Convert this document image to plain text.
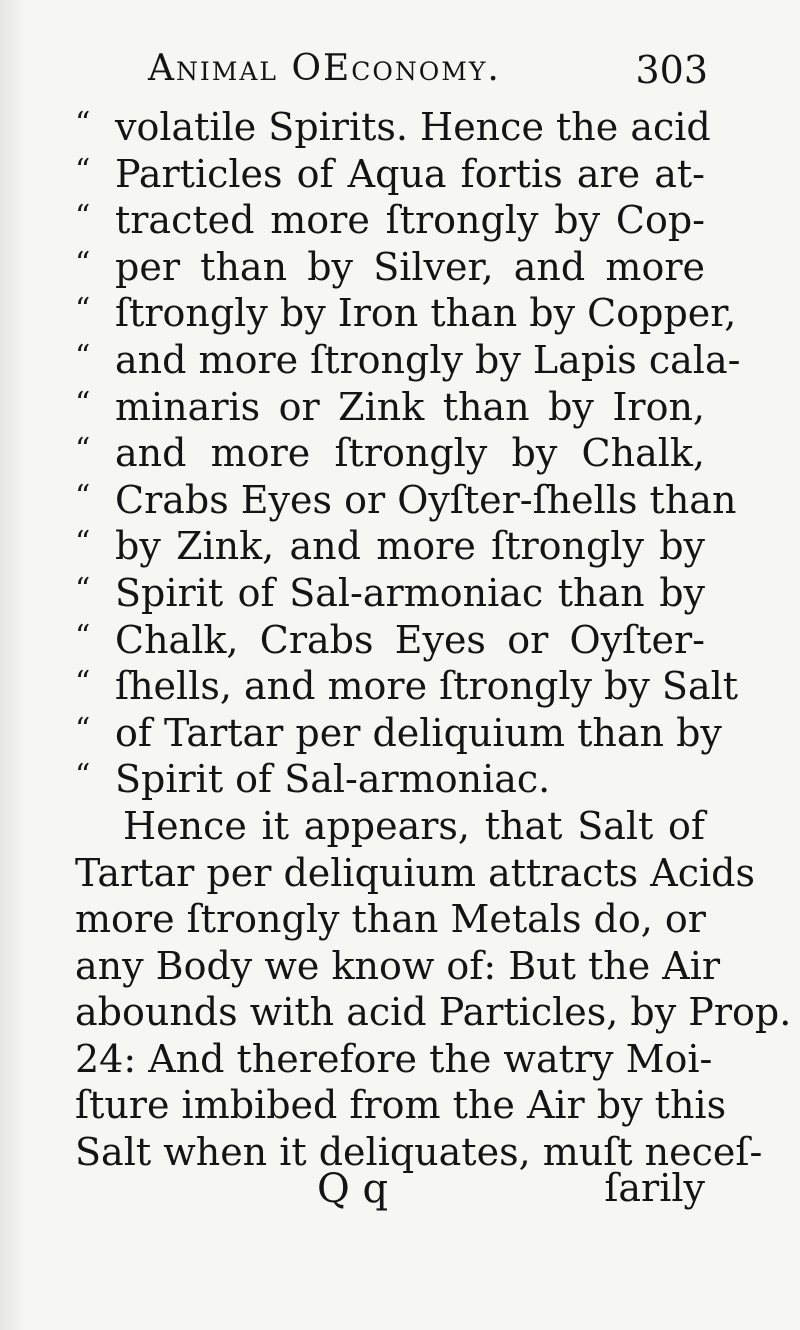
Animal OEconomy.	303
“ volatile Spirits. Hence the acid
“ Particles of Aqua fortis are at-
“ tracted more ſtrongly by Cop-
“ per than by Silver, and more
“ ſtrongly by Iron than by Copper,
“ and more ſtrongly by Lapis cala-
“ minaris or Zink than by Iron,
“ and more ſtrongly by Chalk,
“ Crabs Eyes or Oyſter-ſhells than
“ by Zink, and more ſtrongly by
“ Spirit of Sal-armoniac than by
“ Chalk, Crabs Eyes or Oyſter-
“ ſhells, and more ſtrongly by Salt
“ of Tartar per deliquium than by
“ Spirit of Sal-armoniac.
Hence it appears, that Salt of
Tartar per deliquium attracts Acids
more ſtrongly than Metals do, or
any Body we know of: But the Air
abounds with acid Particles, by Prop.
24: And therefore the watry Moi-
ſture imbibed from the Air by this
Salt when it deliquates, muſt neceſ-
Q q	ſarily
